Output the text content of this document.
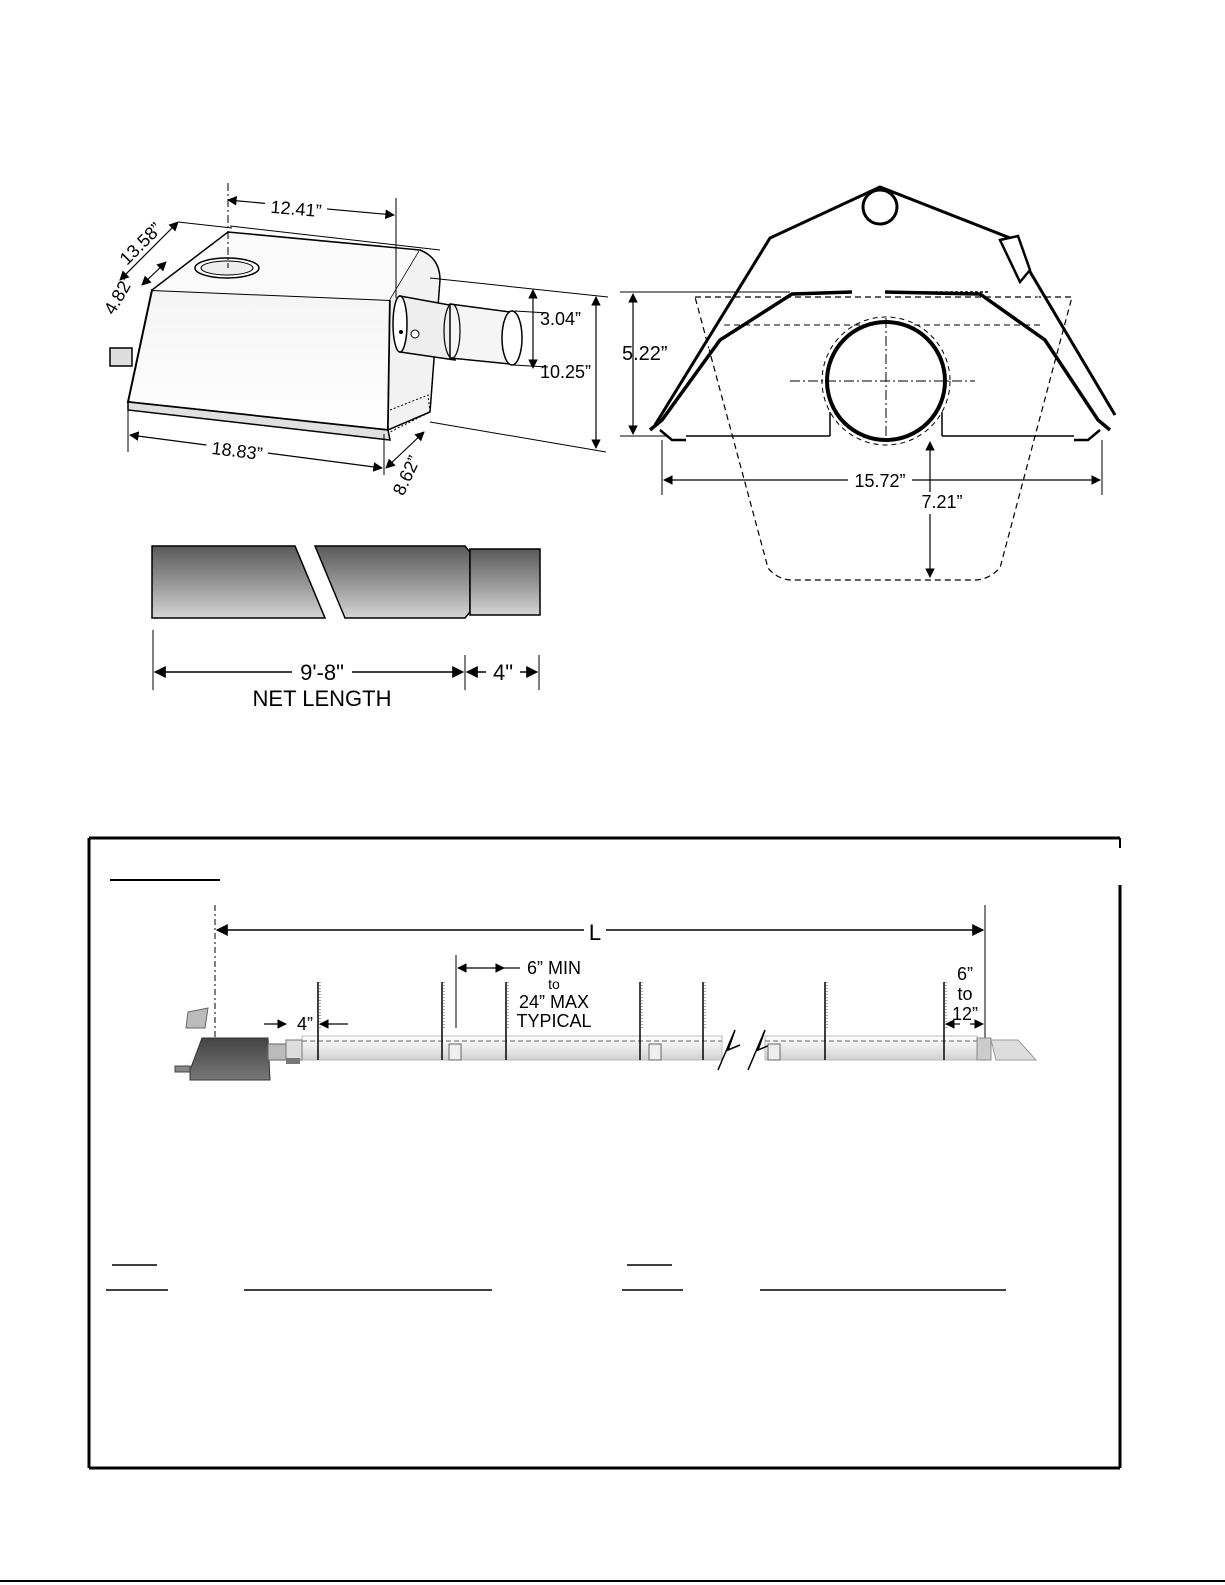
12.41”
13.58”
4.82”
3.04”
10.25”
18.83”
8.62”
5.22”
15.72”
7.21”
9'-8"
NET LENGTH
4"
L
4”
6” MIN
to
24” MAX
TYPICAL
6”
to
12”
